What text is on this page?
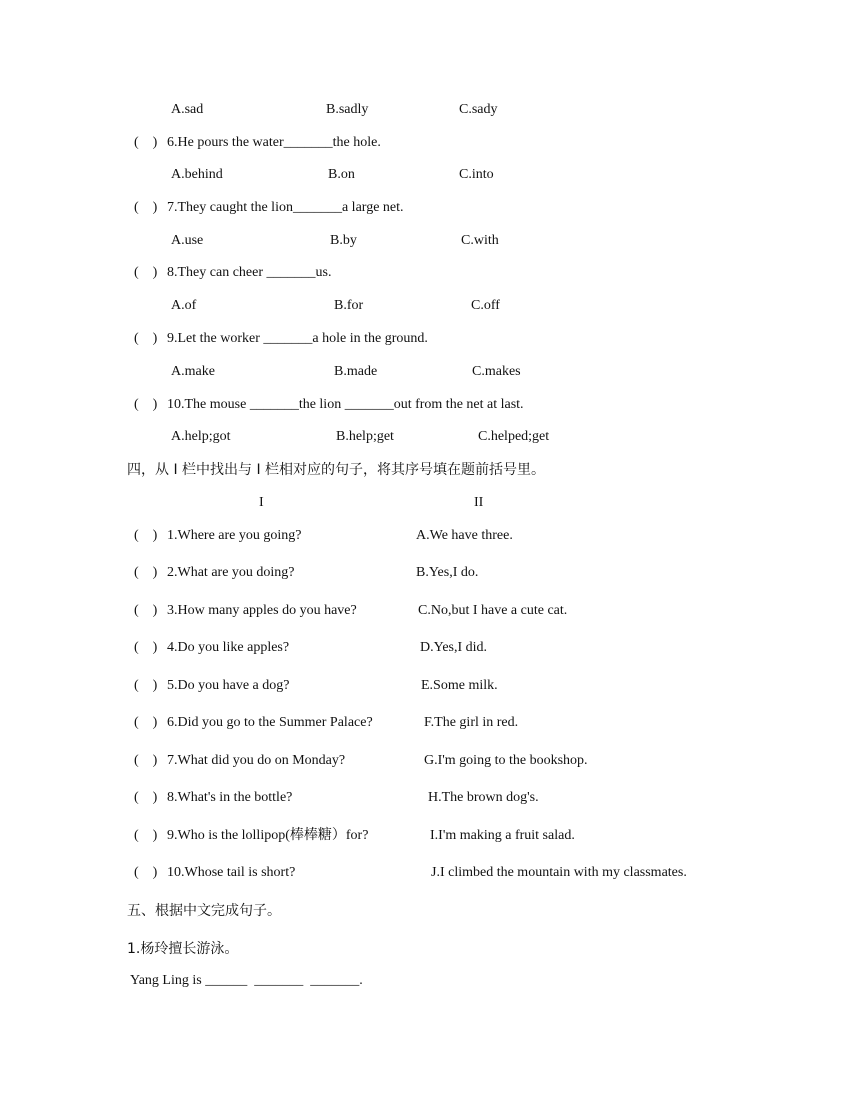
A.sad	B.sadly	C.sady
(    ) 6.He pours the water_______the hole.
A.behind	B.on	C.into
(    ) 7.They caught the lion_______a large net.
A.use	B.by	C.with
(    ) 8.They can cheer _______us.
A.of	B.for	C.off
(    ) 9.Let the worker _______a hole in the ground.
A.make	B.made	C.makes
(    ) 10.The mouse _______the lion _______out from the net at last.
A.help;got	B.help;get	C.helped;get
四，从 I 栏中找出与 I 栏相对应的句子，将其序号填在题前括号里。
I	II
(    ) 1.Where are you going?	A.We have three.
(    ) 2.What are you doing?	B.Yes,I do.
(    ) 3.How many apples do you have?	C.No,but I have a cute cat.
(    ) 4.Do you like apples?	D.Yes,I did.
(    ) 5.Do you have a dog?	E.Some milk.
(    ) 6.Did you go to the Summer Palace?	F.The girl in red.
(    ) 7.What did you do on Monday?	G.I'm going to the bookshop.
(    ) 8.What's in the bottle?	H.The brown dog's.
(    ) 9.Who is the lollipop(棒棒糖）for?	I.I'm making a fruit salad.
(    ) 10.Whose tail is short?	J.I climbed the mountain with my classmates.
五、根据中文完成句子。
1.杨玲擅长游泳。
Yang Ling is ______  _______  _______.
